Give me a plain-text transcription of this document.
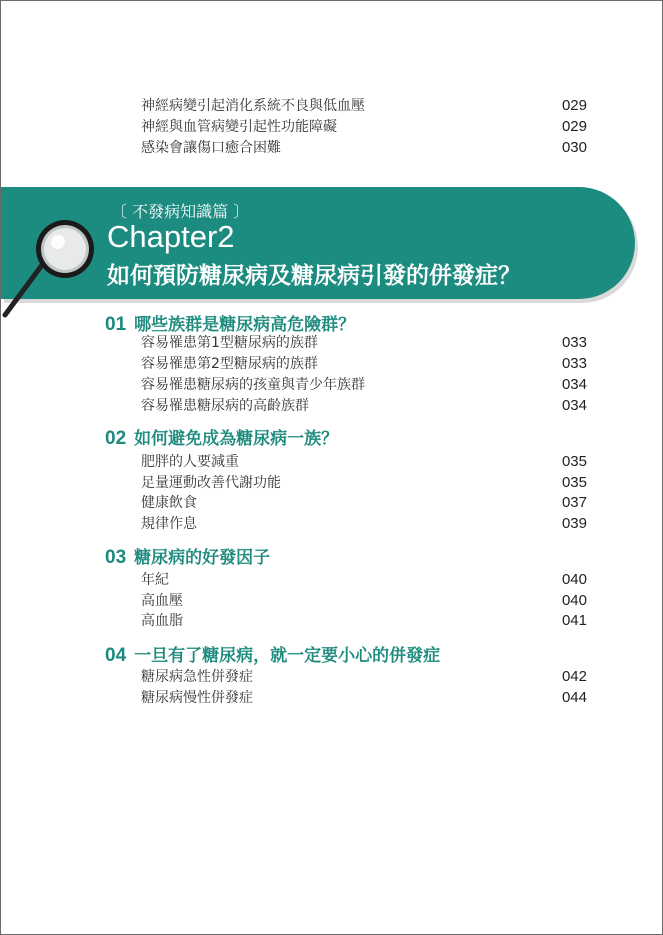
神經病變引起消化系統不良與低血壓	029
神經與血管病變引起性功能障礙	029
感染會讓傷口癒合困難	030
〔 不發病知識篇 〕
Chapter2
如何預防糖尿病及糖尿病引發的併發症？
01 哪些族群是糖尿病高危險群？
容易罹患第1型糖尿病的族群	033
容易罹患第2型糖尿病的族群	033
容易罹患糖尿病的孩童與青少年族群	034
容易罹患糖尿病的高齡族群	034
02 如何避免成為糖尿病一族？
肥胖的人要減重	035
足量運動改善代謝功能	035
健康飲食	037
規律作息	039
03 糖尿病的好發因子
年紀	040
高血壓	040
高血脂	041
04 一旦有了糖尿病，就一定要小心的併發症
糖尿病急性併發症	042
糖尿病慢性併發症	044
